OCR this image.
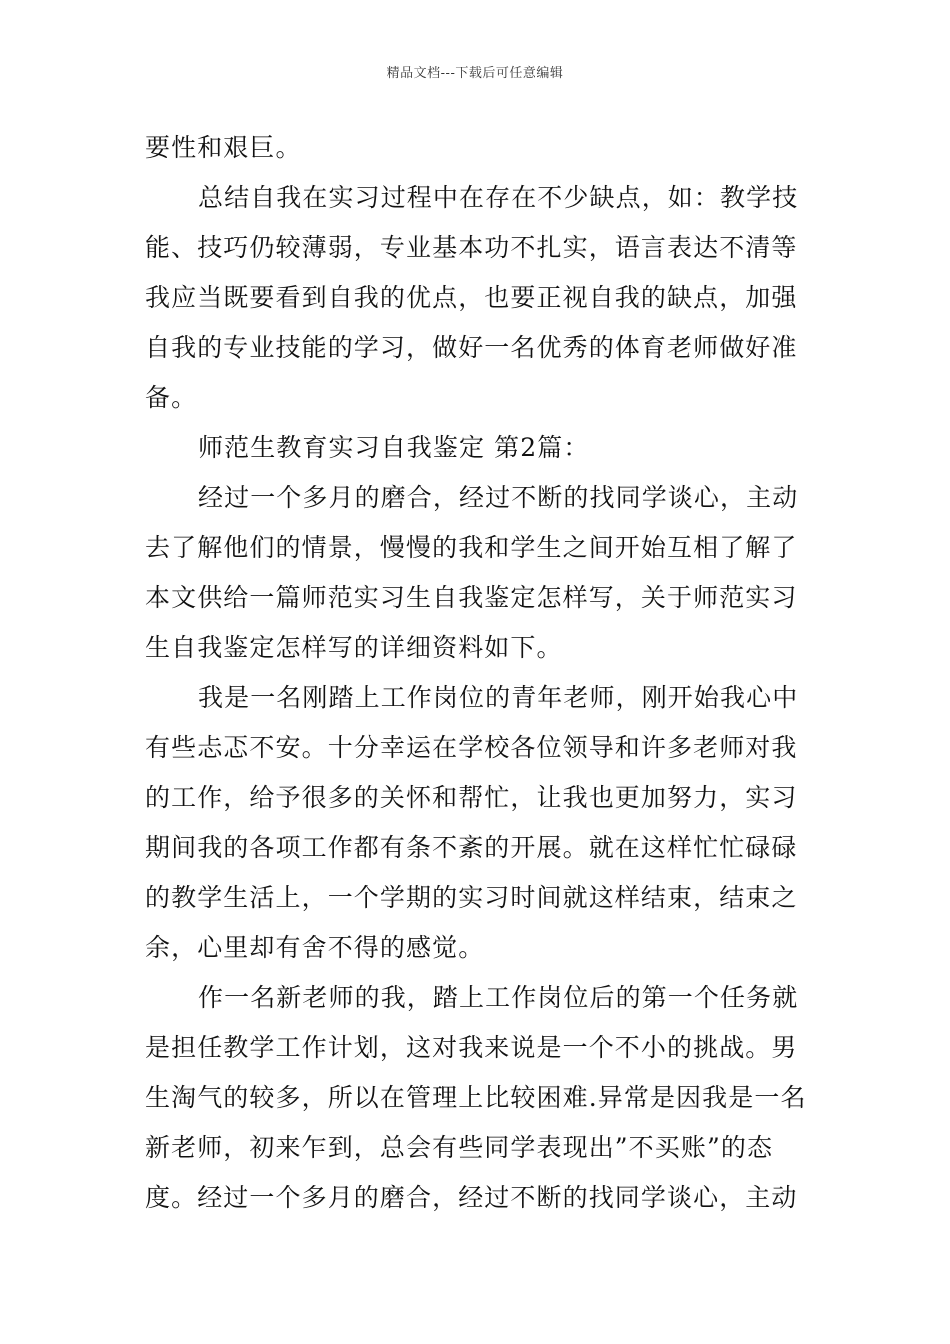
精品文档---下载后可任意编辑
要性和艰巨。
总结自我在实习过程中在存在不少缺点，如：教学技
能、技巧仍较薄弱，专业基本功不扎实，语言表达不清等
我应当既要看到自我的优点，也要正视自我的缺点，加强
自我的专业技能的学习，做好一名优秀的体育老师做好准
备。
师范生教育实习自我鉴定 第2篇：
经过一个多月的磨合，经过不断的找同学谈心，主动
去了解他们的情景，慢慢的我和学生之间开始互相了解了
本文供给一篇师范实习生自我鉴定怎样写，关于师范实习
生自我鉴定怎样写的详细资料如下。
我是一名刚踏上工作岗位的青年老师，刚开始我心中
有些忐忑不安。十分幸运在学校各位领导和许多老师对我
的工作，给予很多的关怀和帮忙，让我也更加努力，实习
期间我的各项工作都有条不紊的开展。就在这样忙忙碌碌
的教学生活上，一个学期的实习时间就这样结束，结束之
余，心里却有舍不得的感觉。
作一名新老师的我，踏上工作岗位后的第一个任务就
是担任教学工作计划，这对我来说是一个不小的挑战。男
生淘气的较多，所以在管理上比较困难.异常是因我是一名
新老师，初来乍到，总会有些同学表现出”不买账”的态
度。经过一个多月的磨合，经过不断的找同学谈心，主动
